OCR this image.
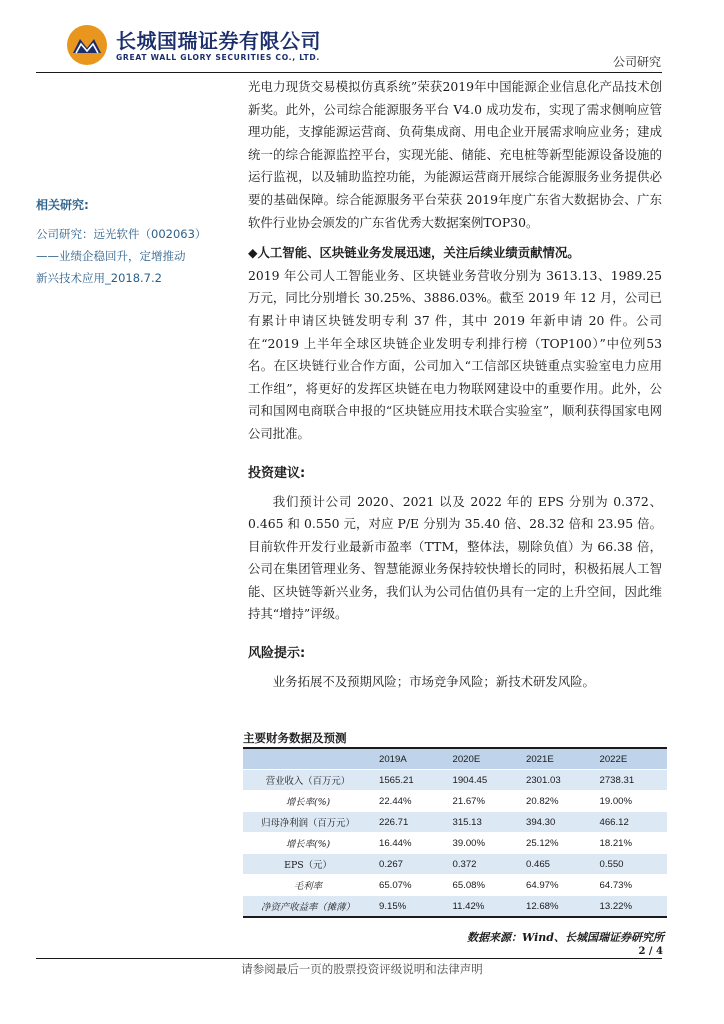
长城国瑞证券有限公司
GREAT WALL GLORY SECURITIES CO., LTD.	公司研究
相关研究:
公司研究：远光软件（002063）
——业绩企稳回升，定增推动
新兴技术应用_2018.7.2

光电力现货交易模拟仿真系统”荣获2019年中国能源企业信息化产品技术创新奖。此外，公司综合能源服务平台 V4.0 成功发布，实现了需求侧响应管理功能，支撑能源运营商、负荷集成商、用电企业开展需求响应业务；建成统一的综合能源监控平台，实现光能、储能、充电桩等新型能源设备设施的运行监视，以及辅助监控功能，为能源运营商开展综合能源服务业务提供必要的基础保障。综合能源服务平台荣获 2019年度广东省大数据协会、广东软件行业协会颁发的广东省优秀大数据案例TOP30。

◆人工智能、区块链业务发展迅速，关注后续业绩贡献情况。

2019 年公司人工智能业务、区块链业务营收分别为 3613.13、1989.25 万元，同比分别增长 30.25%、3886.03%。截至 2019 年 12 月，公司已有累计申请区块链发明专利 37 件，其中 2019 年新申请 20 件。公司在“2019 上半年全球区块链企业发明专利排行榜（TOP100）”中位列53名。在区块链行业合作方面，公司加入“工信部区块链重点实验室电力应用工作组”，将更好的发挥区块链在电力物联网建设中的重要作用。此外，公司和国网电商联合申报的“区块链应用技术联合实验室”，顺利获得国家电网公司批准。

投资建议:

我们预计公司 2020、2021 以及 2022 年的 EPS 分别为 0.372、0.465 和 0.550 元，对应 P/E 分别为 35.40 倍、28.32 倍和 23.95 倍。目前软件开发行业最新市盈率（TTM，整体法，剔除负值）为 66.38 倍，公司在集团管理业务、智慧能源业务保持较快增长的同时，积极拓展人工智能、区块链等新兴业务，我们认为公司估值仍具有一定的上升空间，因此维持其“增持”评级。

风险提示:

业务拓展不及预期风险；市场竞争风险；新技术研发风险。

主要财务数据及预测
	2019A	2020E	2021E	2022E
营业收入（百万元）	1565.21	1904.45	2301.03	2738.31
增长率(%)	22.44%	21.67%	20.82%	19.00%
归母净利润（百万元）	226.71	315.13	394.30	466.12
增长率(%)	16.44%	39.00%	25.12%	18.21%
EPS（元）	0.267	0.372	0.465	0.550
毛利率	65.07%	65.08%	64.97%	64.73%
净资产收益率（摊薄）	9.15%	11.42%	12.68%	13.22%
数据来源：Wind、长城国瑞证券研究所
2 / 4
请参阅最后一页的股票投资评级说明和法律声明
